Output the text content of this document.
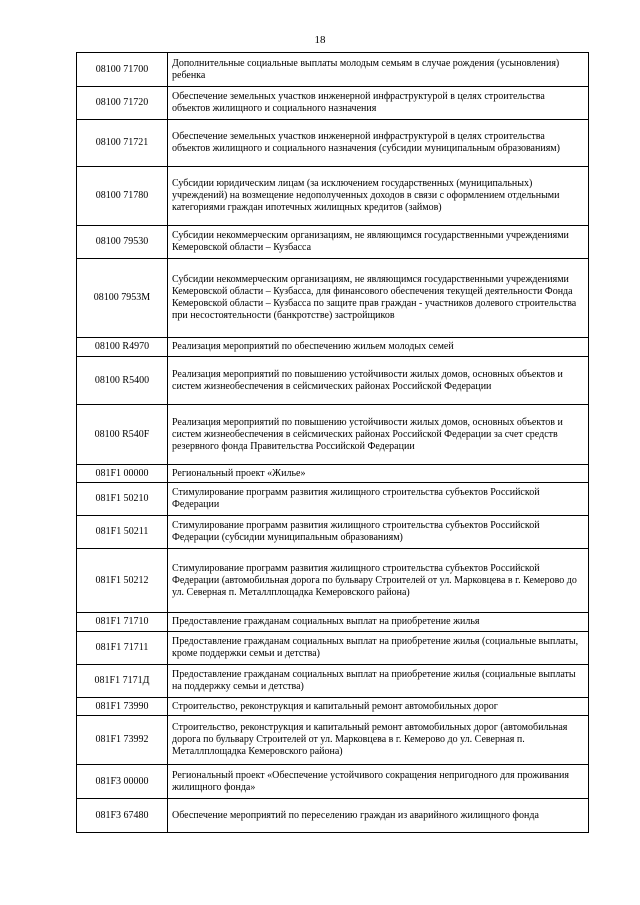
18
08100 71700	Дополнительные социальные выплаты молодым семьям в случае рождения (усыновления) ребенка
08100 71720	Обеспечение земельных участков инженерной инфраструктурой в целях строительства объектов жилищного и социального назначения
08100 71721	Обеспечение земельных участков инженерной инфраструктурой в целях строительства объектов жилищного и социального назначения (субсидии муниципальным образованиям)
08100 71780	Субсидии юридическим лицам (за исключением государственных (муниципальных) учреждений) на возмещение недополученных доходов в связи с оформлением отдельными категориями граждан ипотечных жилищных кредитов (займов)
08100 79530	Субсидии некоммерческим организациям, не являющимся государственными учреждениями Кемеровской области – Кузбасса
08100 7953М	Субсидии некоммерческим организациям, не являющимся государственными учреждениями Кемеровской области – Кузбасса, для финансового обеспечения текущей деятельности Фонда Кемеровской области – Кузбасса по защите прав граждан - участников долевого строительства при несостоятельности (банкротстве) застройщиков
08100 R4970	Реализация мероприятий по обеспечению жильем молодых семей
08100 R5400	Реализация мероприятий по повышению устойчивости жилых домов, основных объектов и систем жизнеобеспечения в сейсмических районах Российской Федерации
08100 R540F	Реализация мероприятий по повышению устойчивости жилых домов, основных объектов и систем жизнеобеспечения в сейсмических районах Российской Федерации за счет средств резервного фонда Правительства Российской Федерации
081F1 00000	Региональный проект «Жилье»
081F1 50210	Стимулирование программ развития жилищного строительства субъектов Российской Федерации
081F1 50211	Стимулирование программ развития жилищного строительства субъектов Российской Федерации (субсидии муниципальным образованиям)
081F1 50212	Стимулирование программ развития жилищного строительства субъектов Российской Федерации (автомобильная дорога по бульвару Строителей от ул. Марковцева в г. Кемерово до ул. Северная п. Металлплощадка Кемеровского района)
081F1 71710	Предоставление гражданам социальных выплат на приобретение жилья
081F1 71711	Предоставление гражданам социальных выплат на приобретение жилья (социальные выплаты, кроме поддержки семьи и детства)
081F1 7171Д	Предоставление гражданам социальных выплат на приобретение жилья (социальные выплаты на поддержку семьи и детства)
081F1 73990	Строительство, реконструкция и капитальный ремонт автомобильных дорог
081F1 73992	Строительство, реконструкция и капитальный ремонт автомобильных дорог (автомобильная дорога по бульвару Строителей от ул. Марковцева в г. Кемерово до ул. Северная п. Металлплощадка Кемеровского района)
081F3 00000	Региональный проект «Обеспечение устойчивого сокращения непригодного для проживания жилищного фонда»
081F3 67480	Обеспечение мероприятий по переселению граждан из аварийного жилищного фонда
